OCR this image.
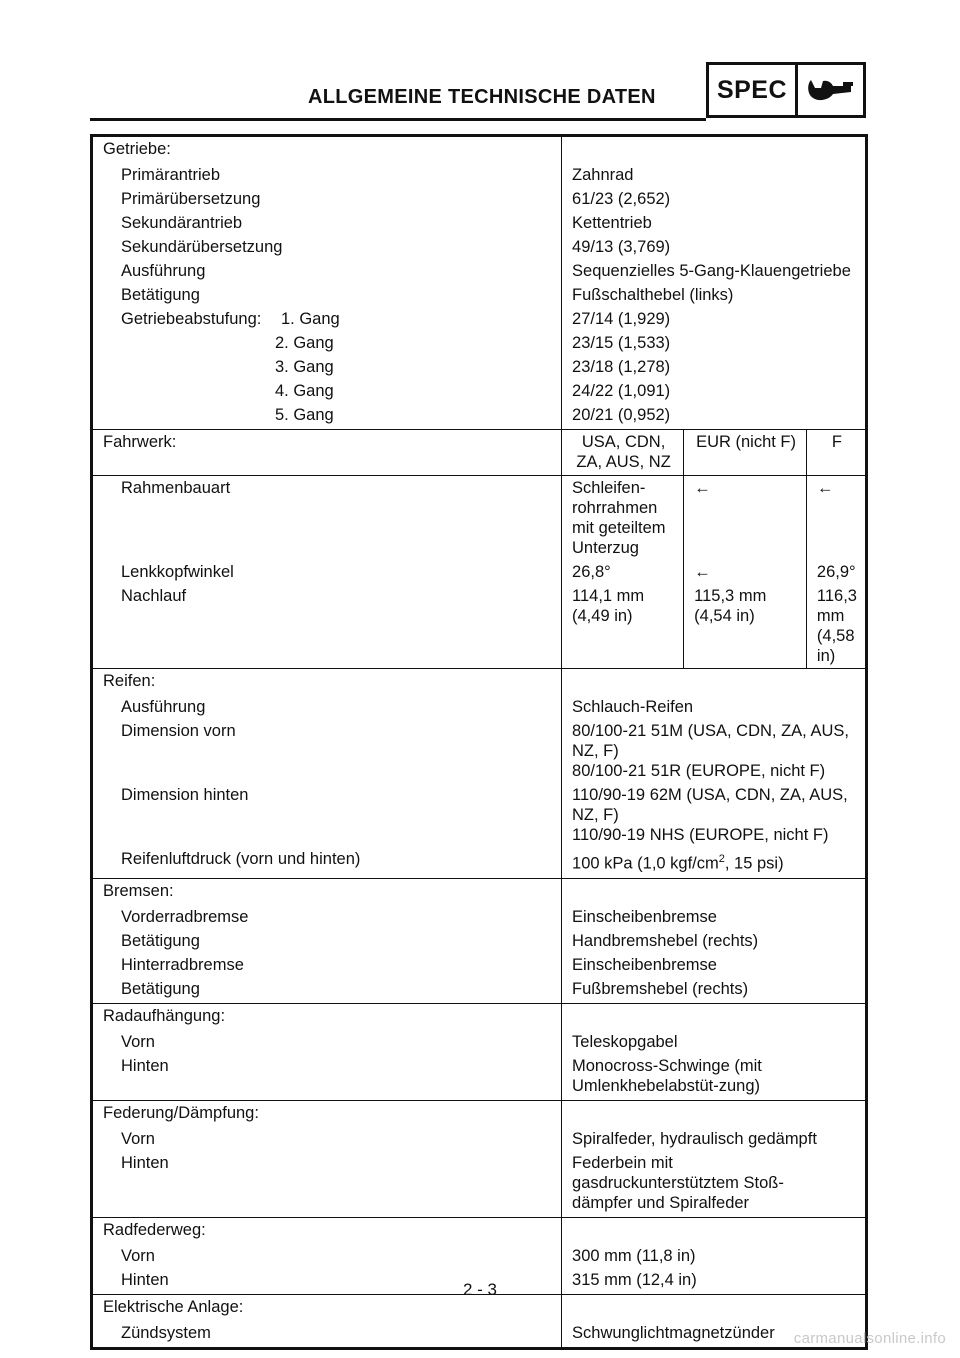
ALLGEMEINE TECHNISCHE DATEN	SPEC
Getriebe:			
Primärantrieb	Zahnrad		
Primärübersetzung	61/23 (2,652)		
Sekundärantrieb	Kettentrieb		
Sekundärübersetzung	49/13 (3,769)		
Ausführung	Sequenzielles 5-Gang-Klauengetriebe		
Betätigung	Fußschalthebel (links)		
Getriebeabstufung: 1. Gang	27/14 (1,929)		
2. Gang	23/15 (1,533)		
3. Gang	23/18 (1,278)		
4. Gang	24/22 (1,091)		
5. Gang	20/21 (0,952)		
Fahrwerk:	USA, CDN, ZA, AUS, NZ	EUR (nicht F)	F
Rahmenbauart	Schleifen-rohrrahmen mit geteiltem Unterzug	←	←
Lenkkopfwinkel	26,8°	←	26,9°
Nachlauf	114,1 mm (4,49 in)	115,3 mm (4,54 in)	116,3 mm (4,58 in)
Reifen:			
Ausführung	Schlauch-Reifen		
Dimension vorn	80/100-21 51M (USA, CDN, ZA, AUS, NZ, F)
80/100-21 51R (EUROPE, nicht F)		

Dimension hinten	110/90-19 62M (USA, CDN, ZA, AUS, NZ, F)
110/90-19 NHS (EUROPE, nicht F)		

Reifenluftdruck (vorn und hinten)	100 kPa (1,0 kgf/$cm^2$, 15 psi)		
Bremsen:			
Vorderradbremse	Einscheibenbremse		
Betätigung	Handbremshebel (rechts)		
Hinterradbremse	Einscheibenbremse		
Betätigung	Fußbremshebel (rechts)		
Radaufhängung:			
Vorn	Teleskopgabel		
Hinten	Monocross-Schwinge (mit Umlenkhebelabstüt-zung)		
Federung/Dämpfung:			
Vorn	Spiralfeder, hydraulisch gedämpft		
Hinten	Federbein mit gasdruckunterstütztem Stoß-dämpfer und Spiralfeder		
Radfederweg:			
Vorn	300 mm (11,8 in)		
Hinten	315 mm (12,4 in)		
Elektrische Anlage:			
Zündsystem	Schwunglichtmagnetzünder		
2 - 3
carmanualsonline.info
